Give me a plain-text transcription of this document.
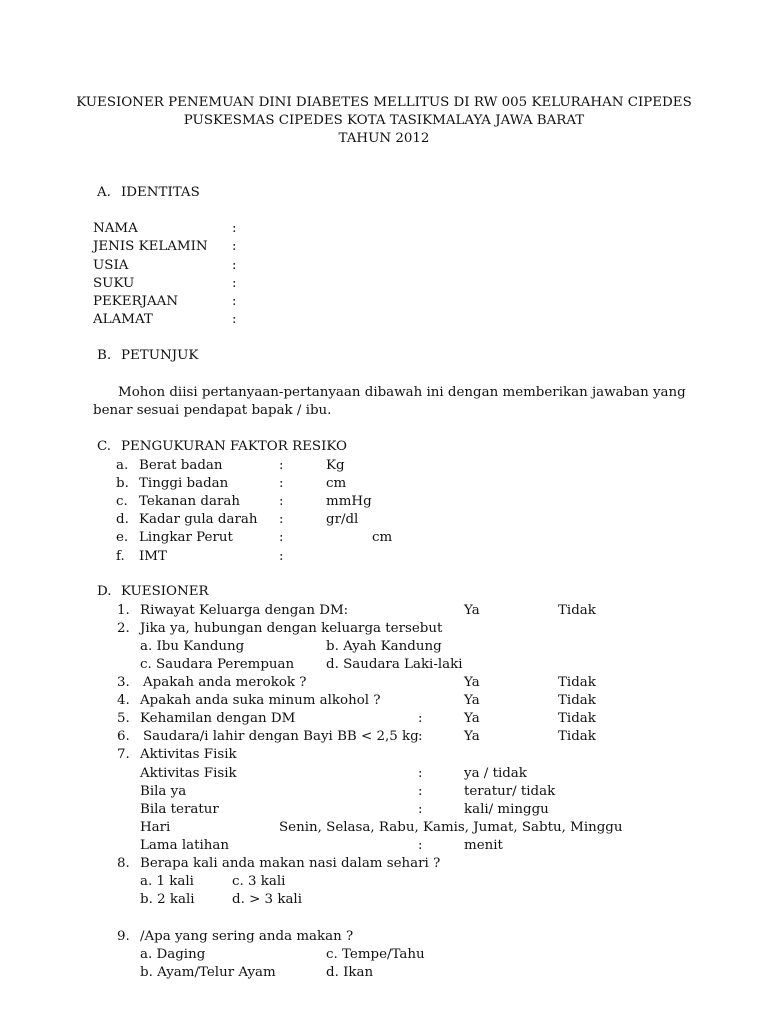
KUESIONER PENEMUAN DINI DIABETES MELLITUS DI RW 005 KELURAHAN CIPEDES
PUSKESMAS CIPEDES KOTA TASIKMALAYA JAWA BARAT
TAHUN 2012
A. IDENTITAS
NAMA	:
JENIS KELAMIN :
USIA	:
SUKU	:
PEKERJAAN	:
ALAMAT	:
B. PETUNJUK
Mohon diisi pertanyaan-pertanyaan dibawah ini dengan memberikan jawaban yang
benar sesuai pendapat bapak / ibu.
C. PENGUKURAN FAKTOR RESIKO
a. Berat badan	:	Kg
b. Tinggi badan	:	cm
c. Tekanan darah	:	mmHg
d. Kadar gula darah :	gr/dl
e. Lingkar Perut	:	cm
f. IMT	:
D. KUESIONER
1. Riwayat Keluarga dengan DM:	Ya	Tidak
2. Jika ya, hubungan dengan keluarga tersebut
a. Ibu Kandung	b. Ayah Kandung
c. Saudara Perempuan d. Saudara Laki-laki
3. Apakah anda merokok ?	Ya	Tidak
4. Apakah anda suka minum alkohol ?	Ya	Tidak
5. Kehamilan dengan DM	:	Ya	Tidak
6. Saudara/i lahir dengan Bayi BB < 2,5 kg :	Ya	Tidak
7. Aktivitas Fisik
Aktivitas Fisik	:	ya / tidak
Bila ya	:	teratur/ tidak
Bila teratur	:	kali/ minggu
Hari	Senin, Selasa, Rabu, Kamis, Jumat, Sabtu, Minggu
Lama latihan	:	menit
8. Berapa kali anda makan nasi dalam sehari ?
a. 1 kali	c. 3 kali
b. 2 kali	d. > 3 kali
9. /Apa yang sering anda makan ?
a. Daging	c. Tempe/Tahu
b. Ayam/Telur Ayam	d. Ikan
